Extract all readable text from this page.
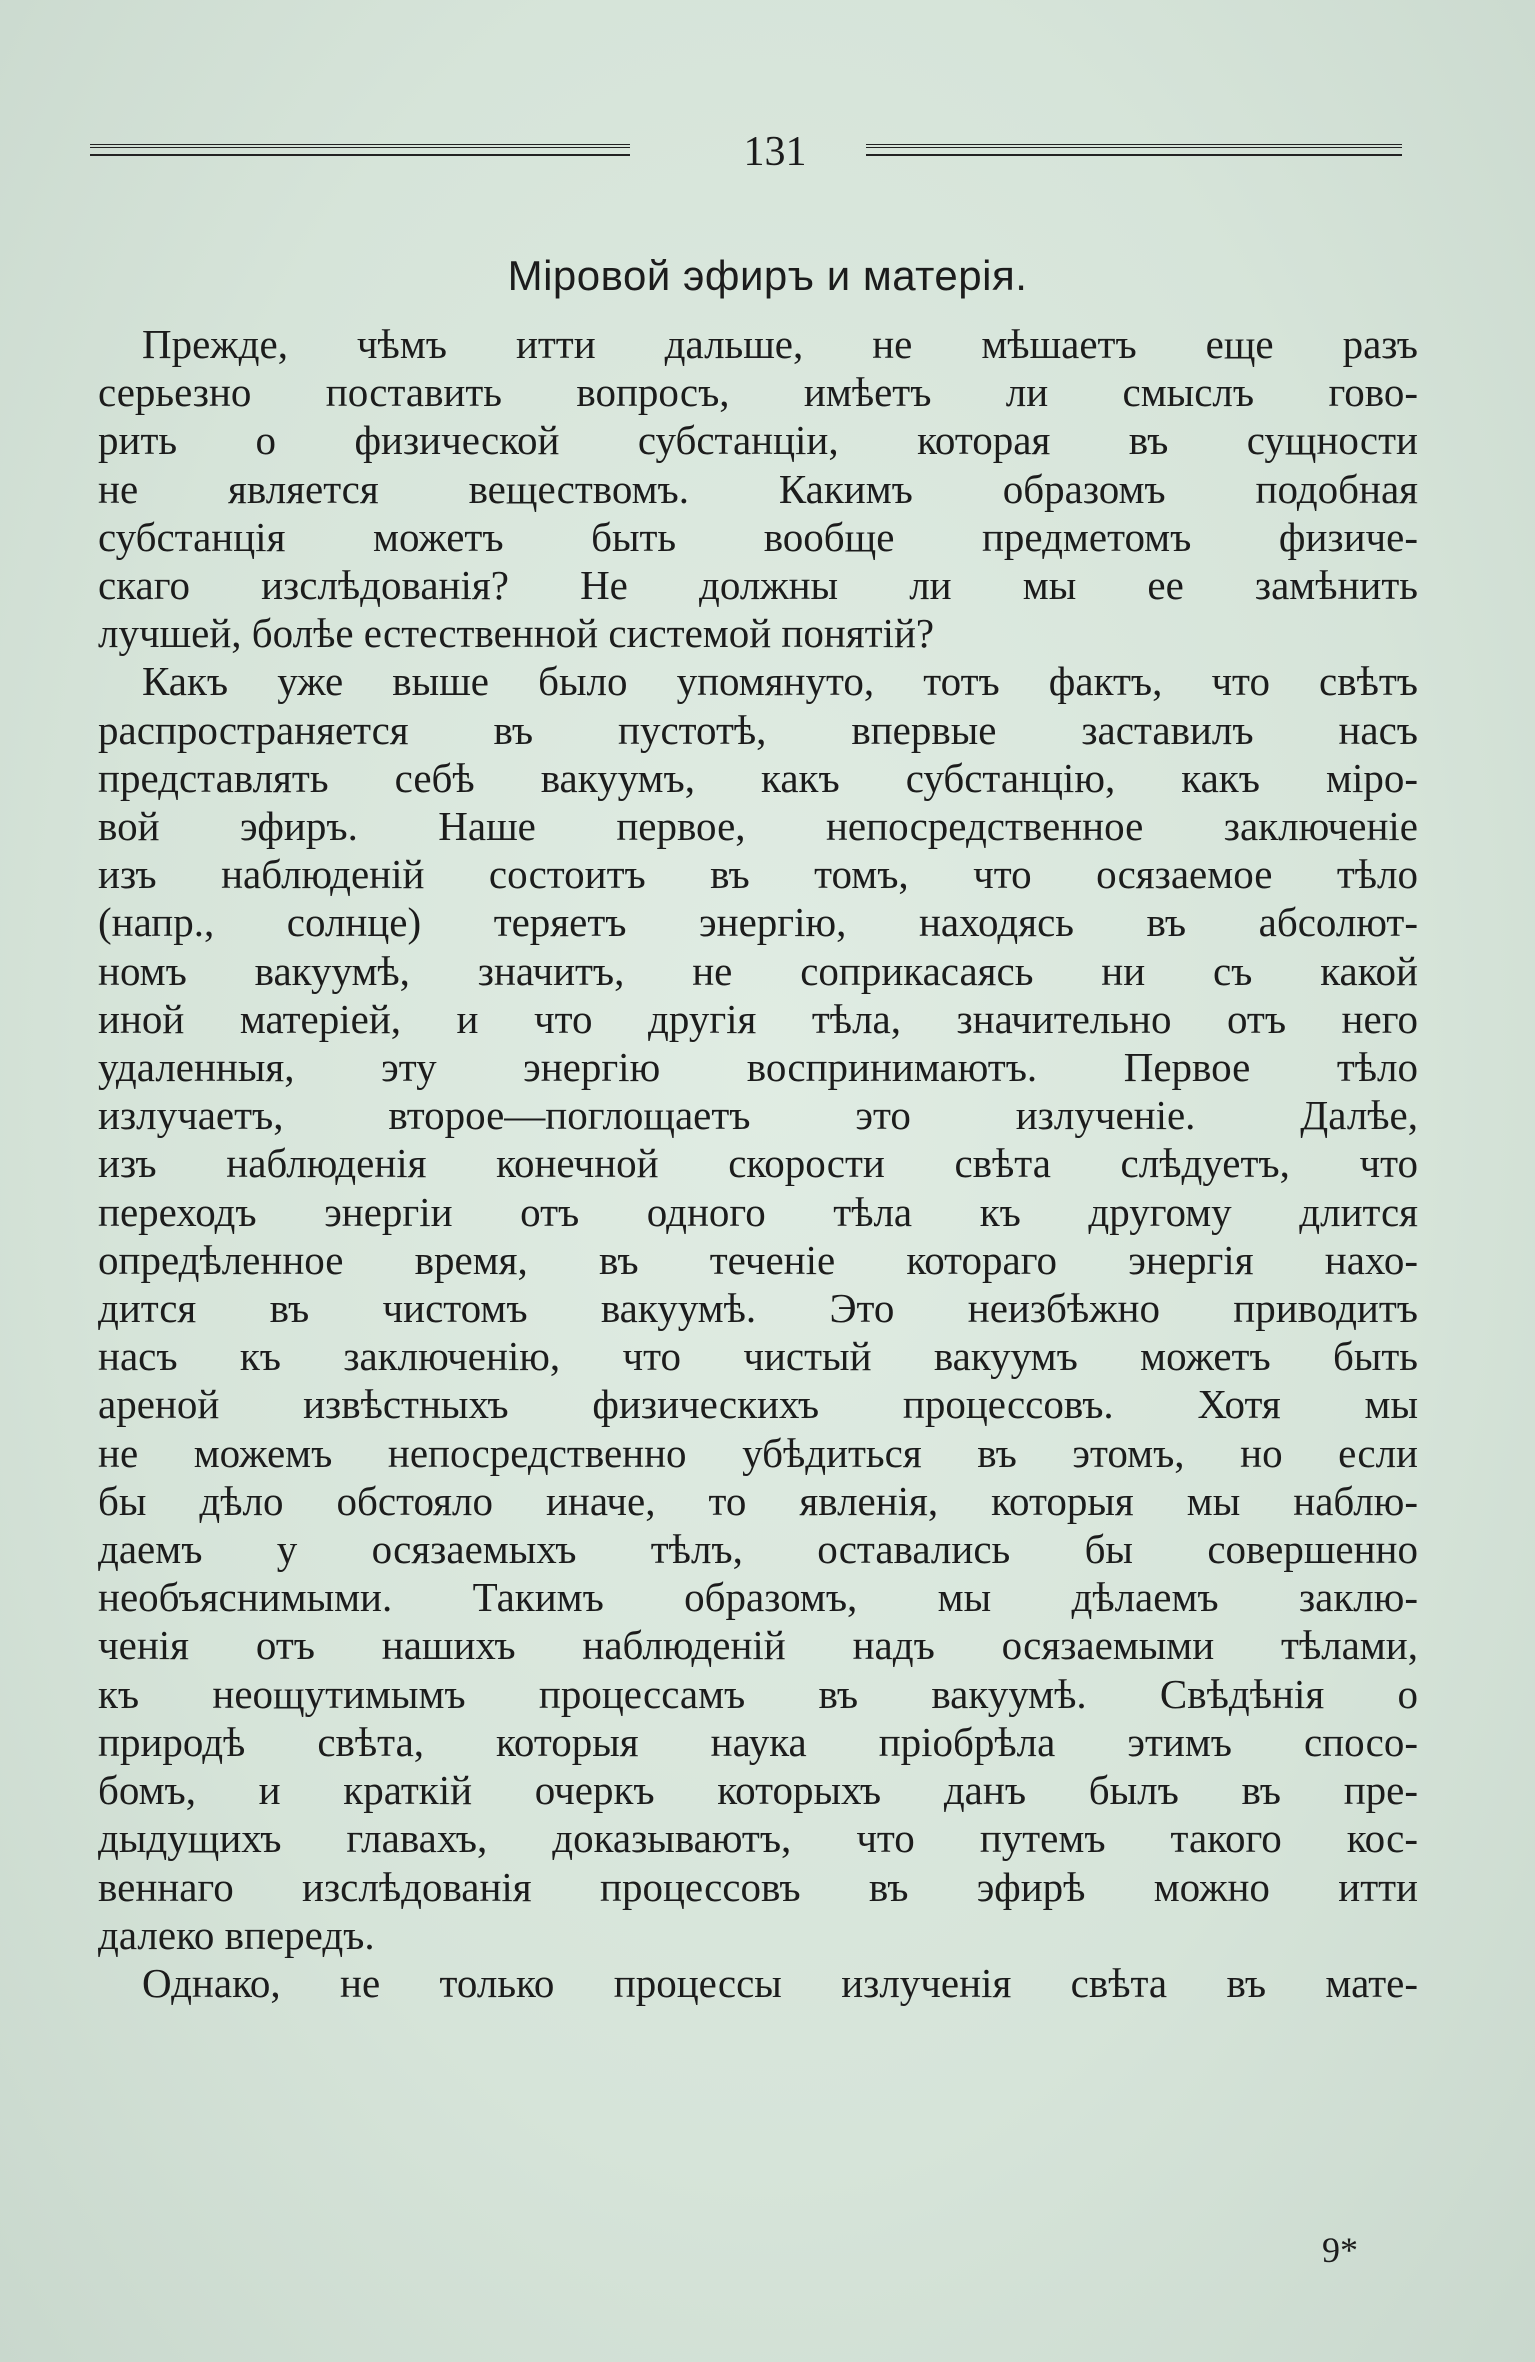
131
Міровой эфиръ и матерія.
Прежде, чѣмъ итти дальше, не мѣшаетъ еще разъ
серьезно поставить вопросъ, имѣетъ ли смыслъ гово-
рить о физической субстанціи, которая въ сущности
не является веществомъ. Какимъ образомъ подобная
субстанція можетъ быть вообще предметомъ физиче-
скаго изслѣдованія? Не должны ли мы ее замѣнить
лучшей, болѣе естественной системой понятій?
Какъ уже выше было упомянуто, тотъ фактъ, что свѣтъ
распространяется въ пустотѣ, впервые заставилъ насъ
представлять себѣ вакуумъ, какъ субстанцію, какъ міро-
вой эфиръ. Наше первое, непосредственное заключеніе
изъ наблюденій состоитъ въ томъ, что осязаемое тѣло
(напр., солнце) теряетъ энергію, находясь въ абсолют-
номъ вакуумѣ, значитъ, не соприкасаясь ни съ какой
иной матеріей, и что другія тѣла, значительно отъ него
удаленныя, эту энергію воспринимаютъ. Первое тѣло
излучаетъ, второе—поглощаетъ это излученіе. Далѣе,
изъ наблюденія конечной скорости свѣта слѣдуетъ, что
переходъ энергіи отъ одного тѣла къ другому длится
опредѣленное время, въ теченіе котораго энергія нахо-
дится въ чистомъ вакуумѣ. Это неизбѣжно приводитъ
насъ къ заключенію, что чистый вакуумъ можетъ быть
ареной извѣстныхъ физическихъ процессовъ. Хотя мы
не можемъ непосредственно убѣдиться въ этомъ, но если
бы дѣло обстояло иначе, то явленія, которыя мы наблю-
даемъ у осязаемыхъ тѣлъ, оставались бы совершенно
необъяснимыми. Такимъ образомъ, мы дѣлаемъ заклю-
ченія отъ нашихъ наблюденій надъ осязаемыми тѣлами,
къ неощутимымъ процессамъ въ вакуумѣ. Свѣдѣнія о
природѣ свѣта, которыя наука пріобрѣла этимъ спосо-
бомъ, и краткій очеркъ которыхъ данъ былъ въ пре-
дыдущихъ главахъ, доказываютъ, что путемъ такого кос-
веннаго изслѣдованія процессовъ въ эфирѣ можно итти
далеко впередъ.
Однако, не только процессы излученія свѣта въ мате-
9*
